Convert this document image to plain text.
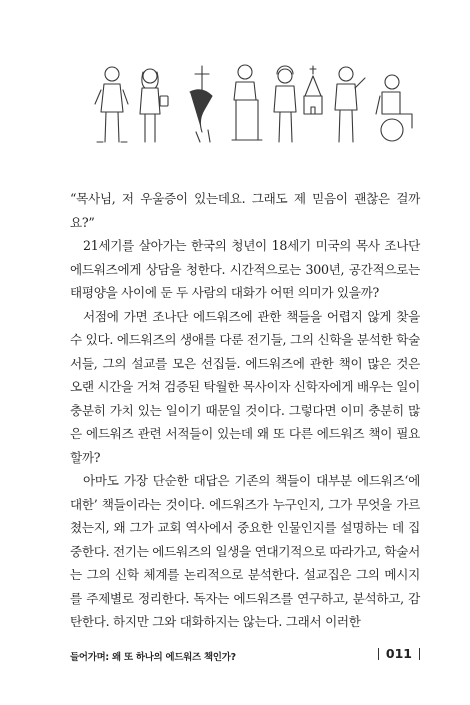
“목사님, 저 우울증이 있는데요. 그래도 제 믿음이 괜찮은 걸까요?”

21세기를 살아가는 한국의 청년이 18세기 미국의 목사 조나단 에드워즈에게 상담을 청한다. 시간적으로는 300년, 공간적으로는 태평양을 사이에 둔 두 사람의 대화가 어떤 의미가 있을까?

서점에 가면 조나단 에드워즈에 관한 책들을 어렵지 않게 찾을 수 있다. 에드워즈의 생애를 다룬 전기들, 그의 신학을 분석한 학술서들, 그의 설교를 모은 선집들. 에드워즈에 관한 책이 많은 것은 오랜 시간을 거쳐 검증된 탁월한 목사이자 신학자에게 배우는 일이 충분히 가치 있는 일이기 때문일 것이다. 그렇다면 이미 충분히 많은 에드워즈 관련 서적들이 있는데 왜 또 다른 에드워즈 책이 필요할까?

아마도 가장 단순한 대답은 기존의 책들이 대부분 에드워즈‘에 대한’ 책들이라는 것이다. 에드워즈가 누구인지, 그가 무엇을 가르쳤는지, 왜 그가 교회 역사에서 중요한 인물인지를 설명하는 데 집중한다. 전기는 에드워즈의 일생을 연대기적으로 따라가고, 학술서는 그의 신학 체계를 논리적으로 분석한다. 설교집은 그의 메시지를 주제별로 정리한다. 독자는 에드워즈를 연구하고, 분석하고, 감탄한다. 하지만 그와 대화하지는 않는다. 그래서 이러한

들어가며: 왜 또 하나의 에드워즈 책인가?	011
